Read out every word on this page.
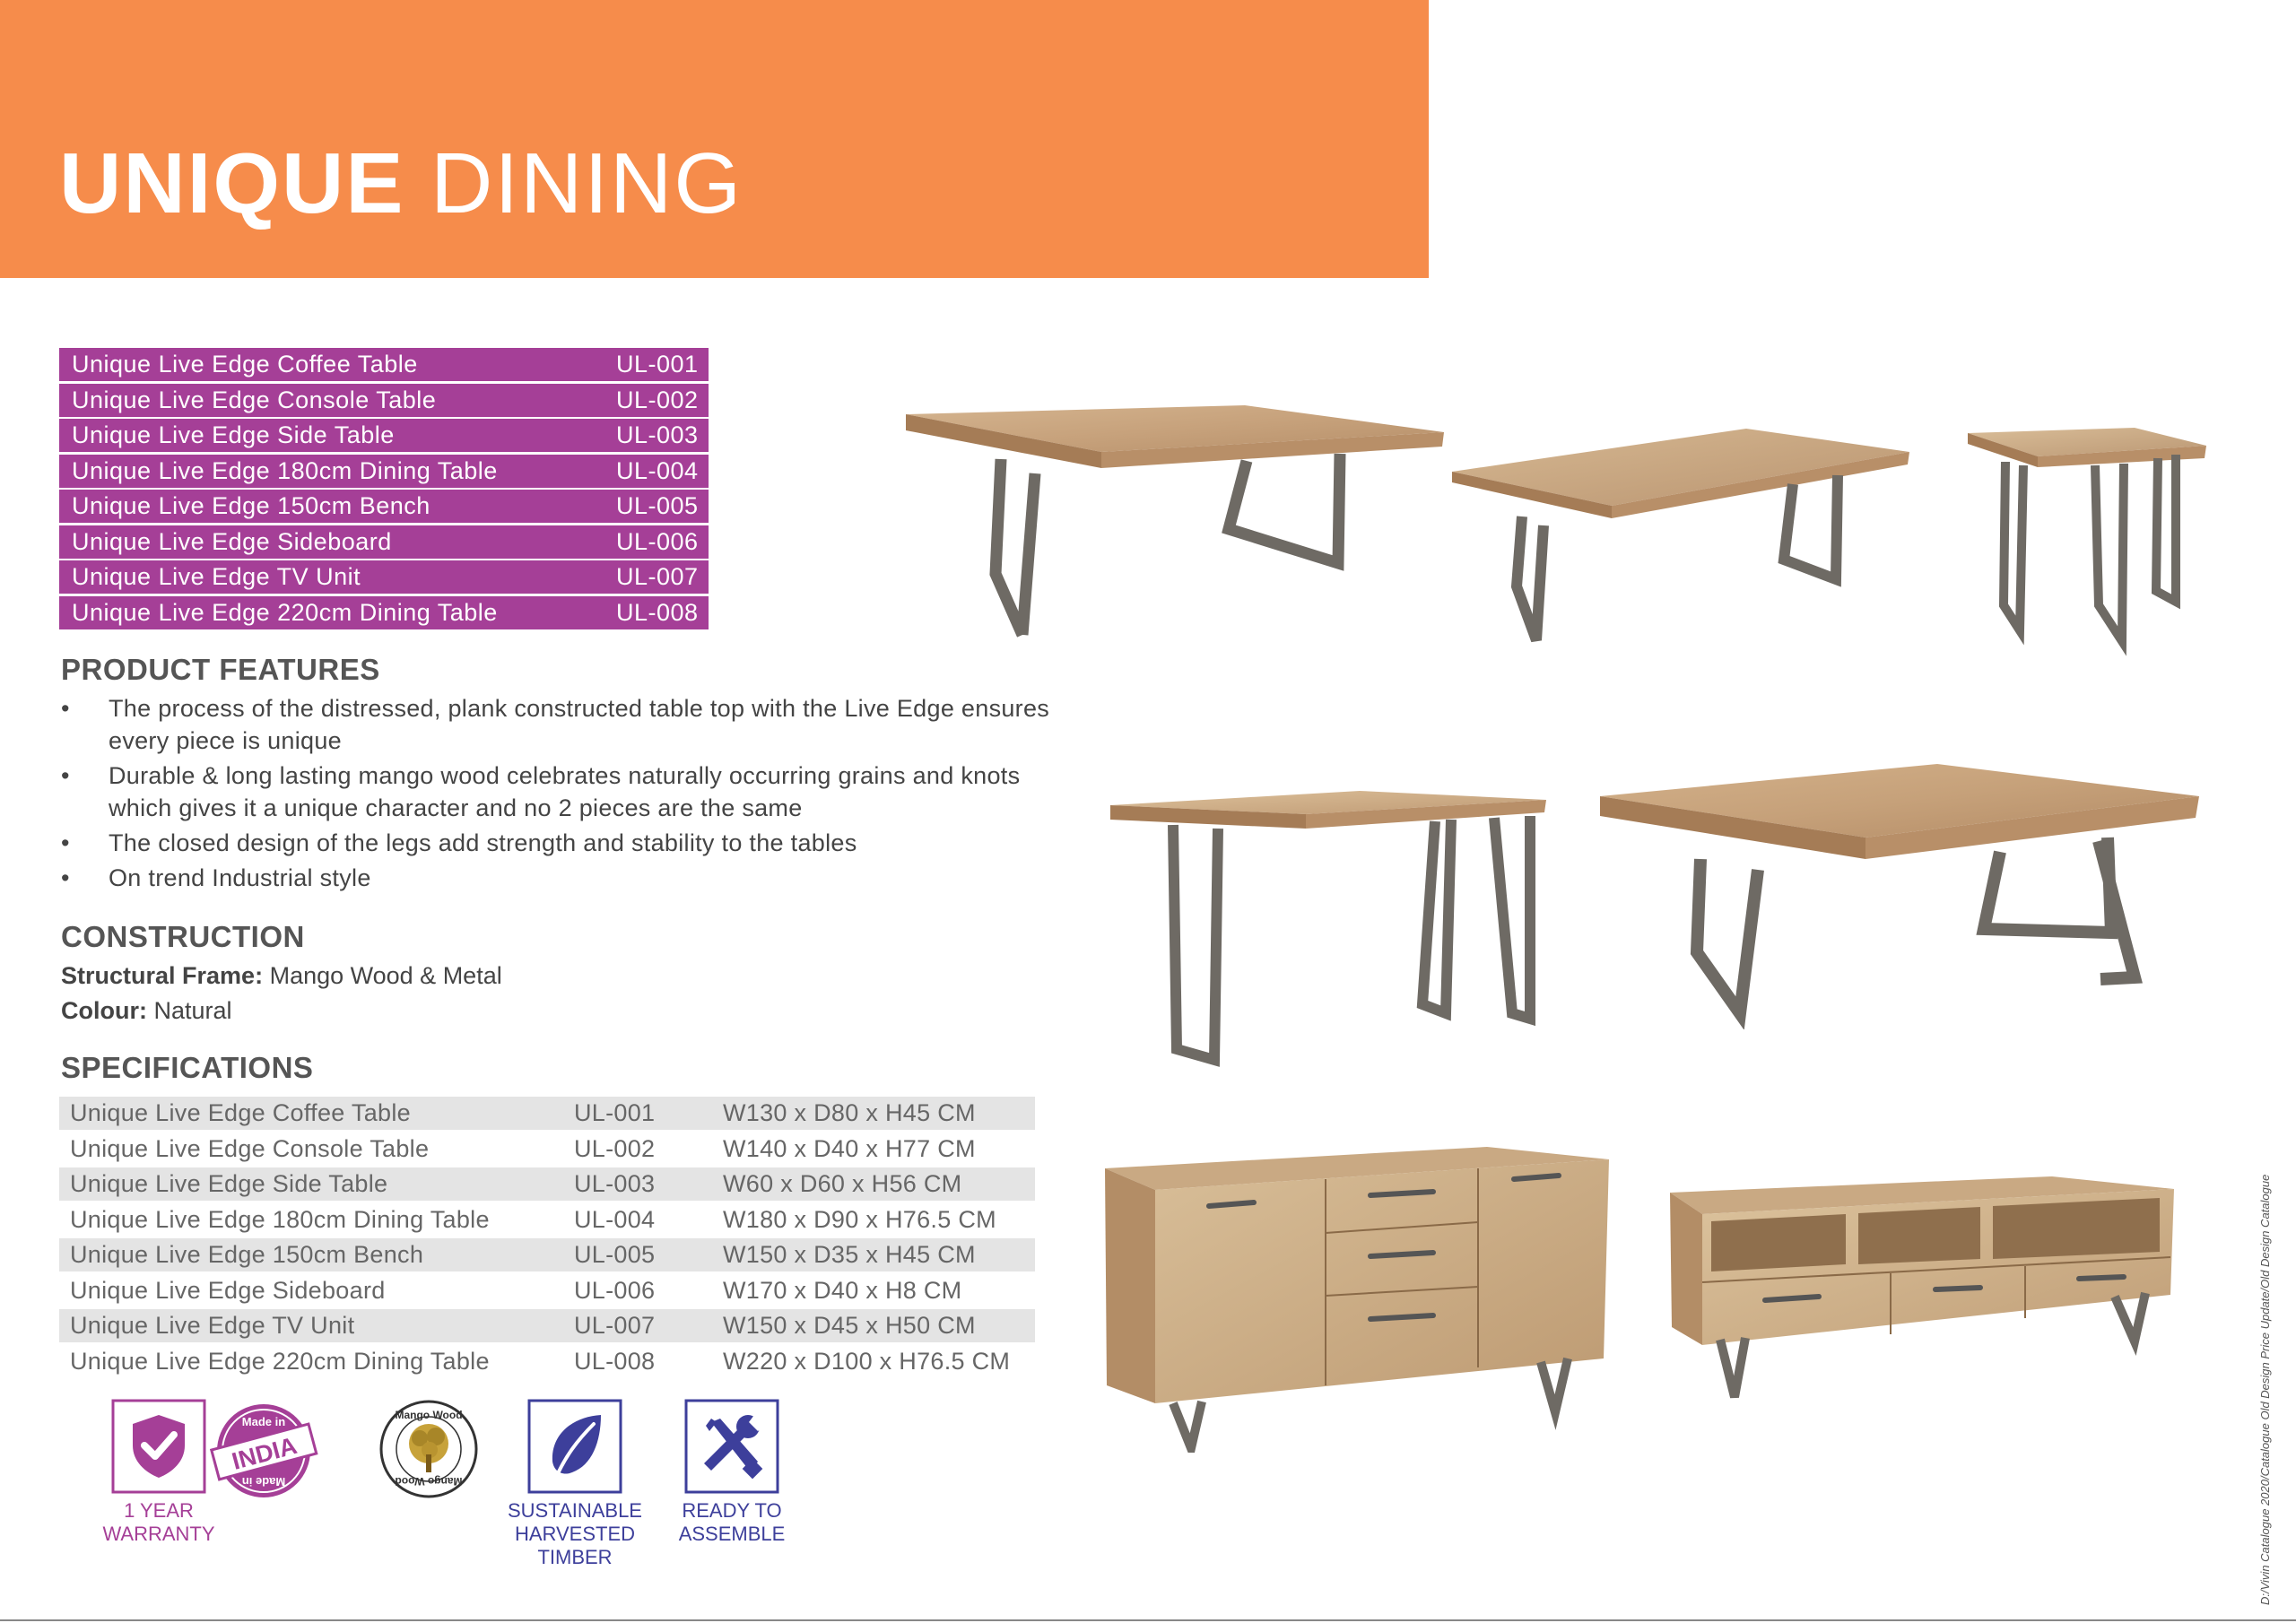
UNIQUE DINING
Unique Live Edge Coffee Table	UL-001
Unique Live Edge Console Table	UL-002
Unique Live Edge Side Table	UL-003
Unique Live Edge 180cm Dining Table	UL-004
Unique Live Edge 150cm Bench	UL-005
Unique Live Edge Sideboard	UL-006
Unique Live Edge TV Unit	UL-007
Unique Live Edge 220cm Dining Table	UL-008
PRODUCT FEATURES
• The process of the distressed, plank constructed table top with the Live Edge ensures every piece is unique
• Durable & long lasting mango wood celebrates naturally occurring grains and knots which gives it a unique character and no 2 pieces are the same
• The closed design of the legs add strength and stability to the tables
• On trend Industrial style
CONSTRUCTION
Structural Frame: Mango Wood & Metal
Colour: Natural
SPECIFICATIONS
Unique Live Edge Coffee Table	UL-001	W130 x D80 x H45 CM
Unique Live Edge Console Table	UL-002	W140 x D40 x H77 CM
Unique Live Edge Side Table	UL-003	W60 x D60 x H56 CM
Unique Live Edge 180cm Dining Table	UL-004	W180 x D90 x H76.5 CM
Unique Live Edge 150cm Bench	UL-005	W150 x D35 x H45 CM
Unique Live Edge Sideboard	UL-006	W170 x D40 x H8 CM
Unique Live Edge TV Unit	UL-007	W150 x D45 x H50 CM
Unique Live Edge 220cm Dining Table	UL-008	W220 x D100 x H76.5 CM
1 YEAR
WARRANTY
INDIA
Made in
Made in
Mango Wood
Mango Wood
SUSTAINABLE
HARVESTED
TIMBER
READY TO
ASSEMBLE	D:/Vivin Catalogue 2020/Catalogue Old Design Price Update/Old Design Catalogue
